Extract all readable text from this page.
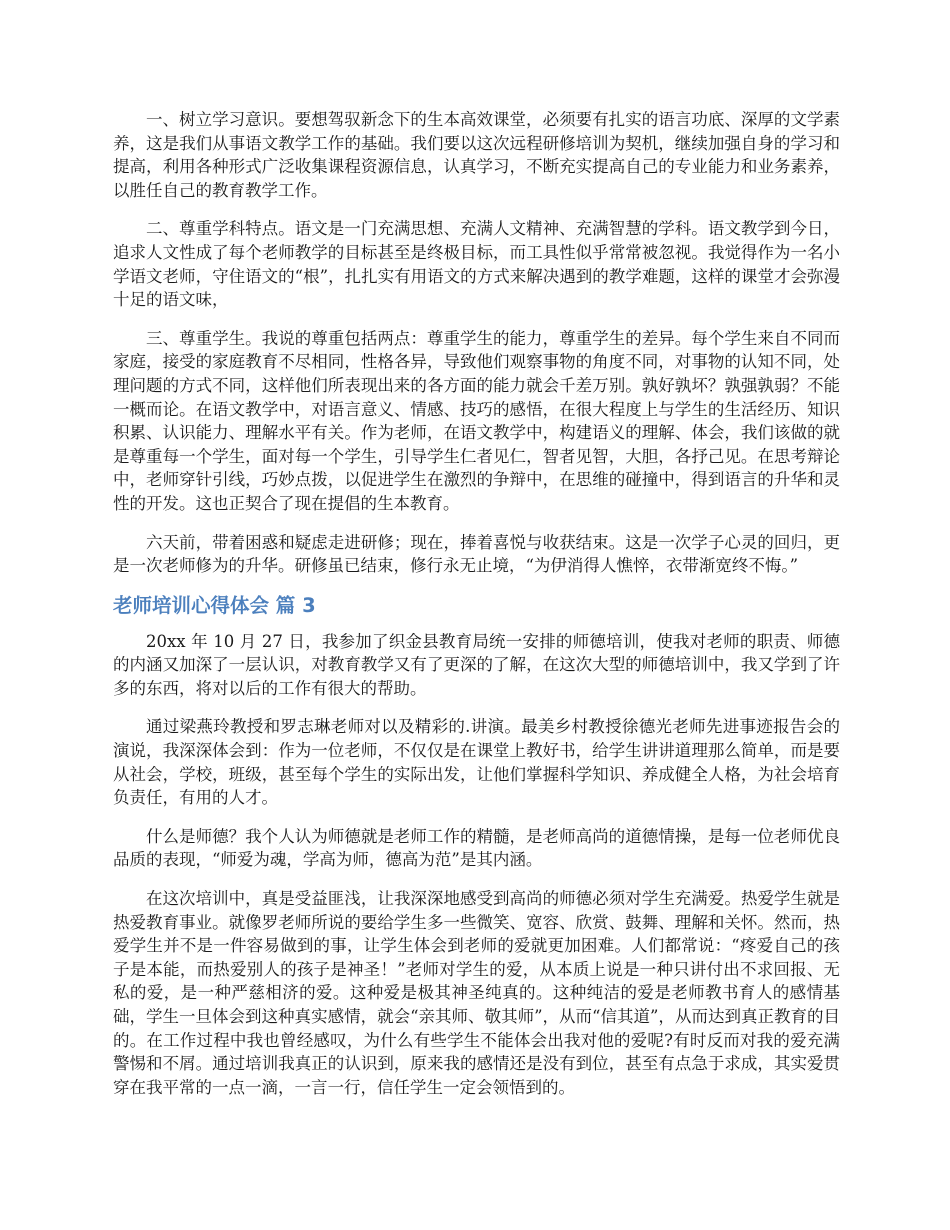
一、树立学习意识。要想驾驭新念下的生本高效课堂，必须要有扎实的语言功底、深厚的文学素养，这是我们从事语文教学工作的基础。我们要以这次远程研修培训为契机，继续加强自身的学习和提高，利用各种形式广泛收集课程资源信息，认真学习，不断充实提高自己的专业能力和业务素养，以胜任自己的教育教学工作。

二、尊重学科特点。语文是一门充满思想、充满人文精神、充满智慧的学科。语文教学到今日，追求人文性成了每个老师教学的目标甚至是终极目标，而工具性似乎常常被忽视。我觉得作为一名小学语文老师，守住语文的“根”，扎扎实有用语文的方式来解决遇到的教学难题，这样的课堂才会弥漫十足的语文味，

三、尊重学生。我说的尊重包括两点：尊重学生的能力，尊重学生的差异。每个学生来自不同而家庭，接受的家庭教育不尽相同，性格各异，导致他们观察事物的角度不同，对事物的认知不同，处理问题的方式不同，这样他们所表现出来的各方面的能力就会千差万别。孰好孰坏？孰强孰弱？不能一概而论。在语文教学中，对语言意义、情感、技巧的感悟，在很大程度上与学生的生活经历、知识积累、认识能力、理解水平有关。作为老师，在语文教学中，构建语义的理解、体会，我们该做的就是尊重每一个学生，面对每一个学生，引导学生仁者见仁，智者见智，大胆，各抒己见。在思考辩论中，老师穿针引线，巧妙点拨，以促进学生在激烈的争辩中，在思维的碰撞中，得到语言的升华和灵性的开发。这也正契合了现在提倡的生本教育。

六天前，带着困惑和疑虑走进研修；现在，捧着喜悦与收获结束。这是一次学子心灵的回归，更是一次老师修为的升华。研修虽已结束，修行永无止境，“为伊消得人憔悴，衣带渐宽终不悔。”

老师培训心得体会 篇 3

20xx 年 10 月 27 日，我参加了织金县教育局统一安排的师德培训，使我对老师的职责、师德的内涵又加深了一层认识，对教育教学又有了更深的了解，在这次大型的师德培训中，我又学到了许多的东西，将对以后的工作有很大的帮助。

通过梁燕玲教授和罗志琳老师对以及精彩的.讲演。最美乡村教授徐德光老师先进事迹报告会的演说，我深深体会到：作为一位老师，不仅仅是在课堂上教好书，给学生讲讲道理那么简单，而是要从社会，学校，班级，甚至每个学生的实际出发，让他们掌握科学知识、养成健全人格，为社会培育负责任，有用的人才。

什么是师德？我个人认为师德就是老师工作的精髓，是老师高尚的道德情操，是每一位老师优良品质的表现，“师爱为魂，学高为师，德高为范”是其内涵。

在这次培训中，真是受益匪浅，让我深深地感受到高尚的师德必须对学生充满爱。热爱学生就是热爱教育事业。就像罗老师所说的要给学生多一些微笑、宽容、欣赏、鼓舞、理解和关怀。然而，热爱学生并不是一件容易做到的事，让学生体会到老师的爱就更加困难。人们都常说：“疼爱自己的孩子是本能，而热爱别人的孩子是神圣！”老师对学生的爱，从本质上说是一种只讲付出不求回报、无私的爱，是一种严慈相济的爱。这种爱是极其神圣纯真的。这种纯洁的爱是老师教书育人的感情基础，学生一旦体会到这种真实感情，就会“亲其师、敬其师”，从而“信其道”，从而达到真正教育的目的。在工作过程中我也曾经感叹，为什么有些学生不能体会出我对他的爱呢?有时反而对我的爱充满警惕和不屑。通过培训我真正的认识到，原来我的感情还是没有到位，甚至有点急于求成，其实爱贯穿在我平常的一点一滴，一言一行，信任学生一定会领悟到的。
